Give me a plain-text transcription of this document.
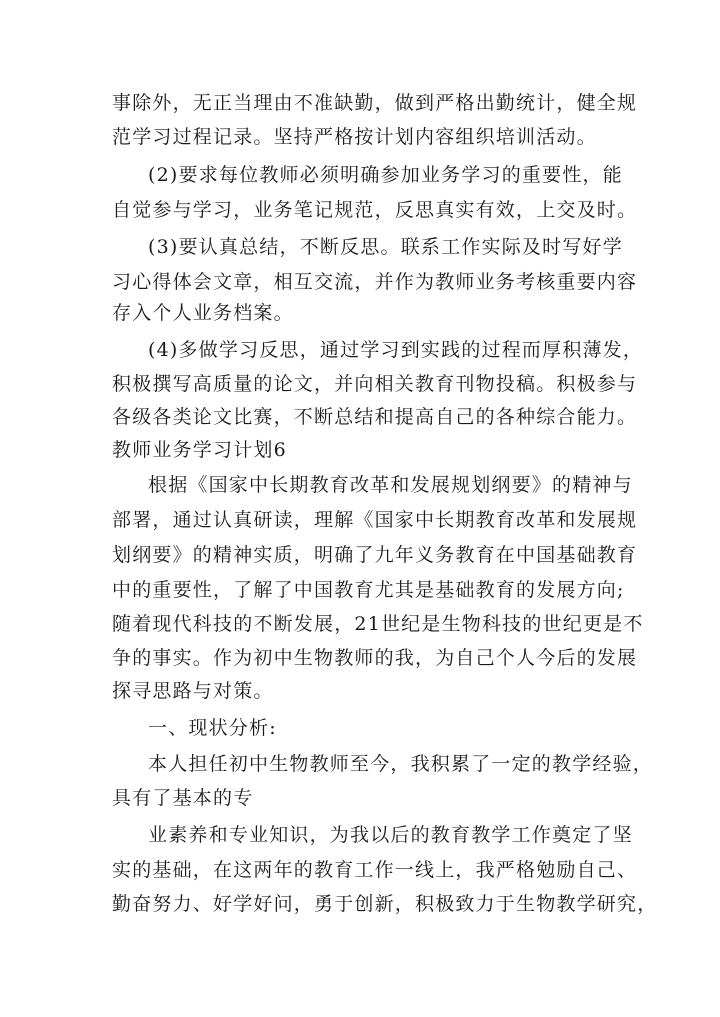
事除外，无正当理由不准缺勤，做到严格出勤统计，健全规
范学习过程记录。坚持严格按计划内容组织培训活动。
(2)要求每位教师必须明确参加业务学习的重要性，能
自觉参与学习，业务笔记规范，反思真实有效，上交及时。
(3)要认真总结，不断反思。联系工作实际及时写好学
习心得体会文章，相互交流，并作为教师业务考核重要内容
存入个人业务档案。
(4)多做学习反思，通过学习到实践的过程而厚积薄发，
积极撰写高质量的论文，并向相关教育刊物投稿。积极参与
各级各类论文比赛，不断总结和提高自己的各种综合能力。
教师业务学习计划6
根据《国家中长期教育改革和发展规划纲要》的精神与
部署，通过认真研读，理解《国家中长期教育改革和发展规
划纲要》的精神实质，明确了九年义务教育在中国基础教育
中的重要性，了解了中国教育尤其是基础教育的发展方向;
随着现代科技的不断发展，21世纪是生物科技的世纪更是不
争的事实。作为初中生物教师的我，为自己个人今后的发展
探寻思路与对策。
一、现状分析:
本人担任初中生物教师至今，我积累了一定的教学经验，
具有了基本的专
业素养和专业知识，为我以后的教育教学工作奠定了坚
实的基础，在这两年的教育工作一线上，我严格勉励自己、
勤奋努力、好学好问，勇于创新，积极致力于生物教学研究，
